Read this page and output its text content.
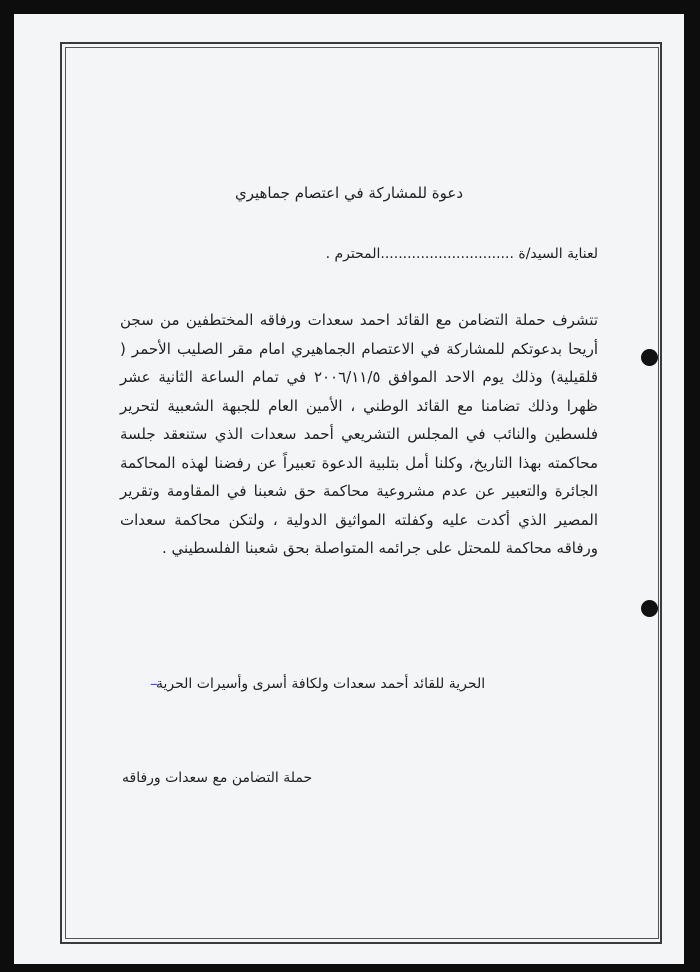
دعوة للمشاركة في اعتصام جماهيري
لعناية السيد/ة ..............................المحترم .
تتشرف حملة التضامن مع القائد احمد سعدات ورفاقه المختطفين من سجن أريحا بدعوتكم للمشاركة في الاعتصام الجماهيري امام مقر الصليب الأحمر ( قلقيلية) وذلك يوم الاحد الموافق ٢٠٠٦/١١/٥ في تمام الساعة الثانية عشر ظهرا وذلك تضامنا مع القائد الوطني ، الأمين العام للجبهة الشعبية لتحرير فلسطين والنائب في المجلس التشريعي أحمد سعدات الذي ستنعقد جلسة محاكمته بهذا التاريخ، وكلنا أمل بتلبية الدعوة تعبيراً عن رفضنا لهذه المحاكمة الجائرة والتعبير عن عدم مشروعية محاكمة حق شعبنا في المقاومة وتقرير المصير الذي أكدت عليه وكفلته المواثيق الدولية ، ولتكن محاكمة سعدات ورفاقه محاكمة للمحتل على جرائمه المتواصلة بحق شعبنا الفلسطيني .
الحرية للقائد أحمد سعدات ولكافة أسرى وأسيرات الحرية
–
حملة التضامن مع سعدات ورفاقه
